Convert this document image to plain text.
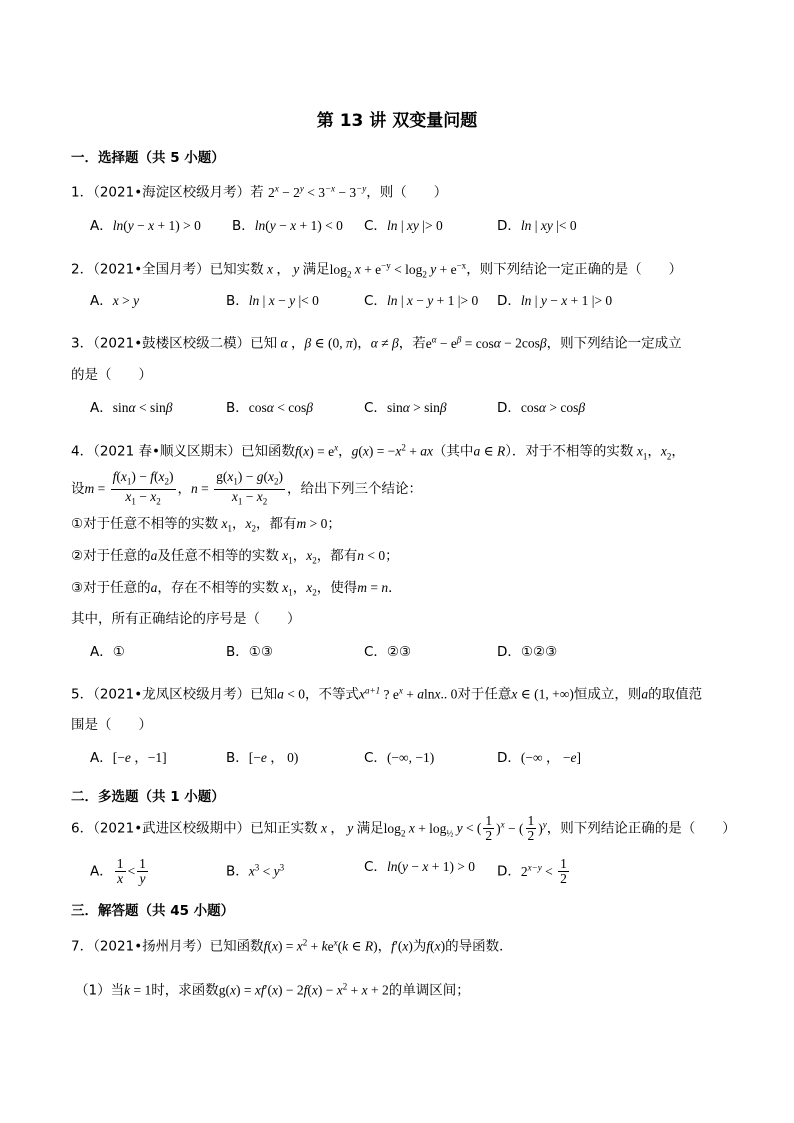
第 13 讲 双变量问题
一．选择题（共 5 小题）
1．（2021•海淀区校级月考）若 $2^x - 2^y < 3^{-x} - 3^{-y}$，则（　　）
A．ln(y − x + 1) > 0 B．ln(y − x + 1) < 0 C．ln | xy |> 0	D．ln | xy |< 0
2．（2021•全国月考）已知实数 x ， y 满足$\log_2 x + e^{-y} < \log_2 y + e^{-x}$，则下列结论一定正确的是（　　）
A．x > y	B．ln | x − y |< 0	C．ln | x − y + 1 |> 0 D．ln | y − x + 1 |> 0
3．（2021•鼓楼区校级二模）已知 α ，β ∈ (0, π)，α ≠ β，若$e^\alpha - e^\beta = \cos\alpha - 2\cos\beta$，则下列结论一定成立
的是（　　）
A．sinα < sinβ	B．cosα < cosβ	C．sinα > sinβ	D．cosα > cosβ
4．（2021 春•顺义区期末）已知函数$f(x) = e^x$，$g(x) = -x^2 + ax$（其中a ∈ R）．对于不相等的实数 $x_1$，$x_2$，
设$m = \frac{f(x_1) - f(x_2)}{x_1 - x_2}$ ，$n = \frac{g(x_1) - g(x_2)}{x_1 - x_2}$ ，给出下列三个结论：
①对于任意不相等的实数 $x_1$，$x_2$，都有m > 0；
②对于任意的a及任意不相等的实数 $x_1$，$x_2$，都有n < 0；
③对于任意的a，存在不相等的实数 $x_1$，$x_2$，使得m = n．
其中，所有正确结论的序号是（　　）
A．①	B．①③	C．②③	D．①②③
5．（2021•龙凤区校级月考）已知a < 0，不等式$x^{a+1}$ ? $e^x + alnx$.. 0对于任意x ∈ (1, +∞)恒成立，则a的取值范
围是（　　）
A．[−e ，−1]	B．[−e ， 0)	C．(−∞, −1)	D．(−∞ ， −e]
二．多选题（共 1 小题）
6．（2021•武进区校级期中）已知正实数 x ， y 满足$\log_2 x + \log_{\frac{1}{2}} y$ < ( $\frac{1}{2} )^x$ − ( $\frac{1}{2} )^y$，则下列结论正确的是（　　）
A． $\frac{1}{x} < \frac{1}{y}$	B．$x^3 < y^3$	C．ln(y − x + 1) > 0 D．$2^{x-y} < \frac{1}{2}$
三．解答题（共 45 小题）
7．（2021•扬州月考）已知函数$f(x) = x^2 + ke^x(k$ ∈ R)，f′(x)为f(x)的导函数．
（1）当k = 1时，求函数$g(x) = xf'(x) - 2f(x) - x^2 + x + 2$的单调区间；
